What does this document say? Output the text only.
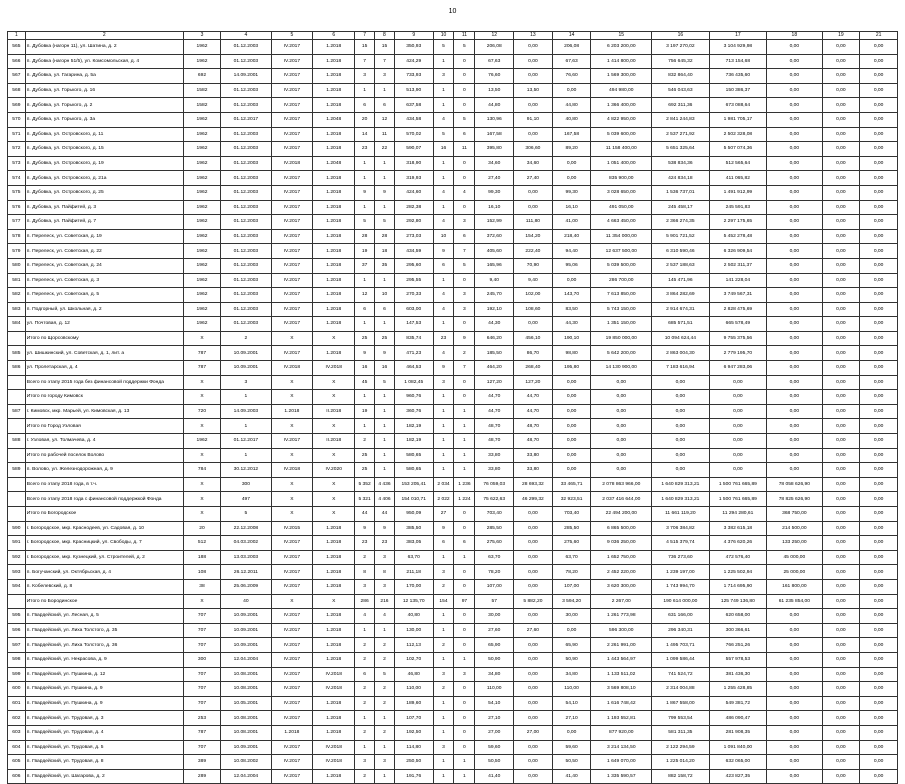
10
1	2	3	4	5	6	7	8	9	10	11	12	13	14	15	16	17	18	19	21
565	п. Дубовка (нагорн 11), ул. Шатина, д. 2	1962	01.12.2003	IV.2017	1.2018	15	15	350,93	5	5	206,08	0,00	206,08	6 203 200,00	3 197 270,02	3 104 929,98	0,00	0,00	0,00
566	п. Дубовка (нагорн 51/5), ул. Комсомольская, д. 4	1962	01.12.2003	IV.2017	1.2018	7	7	424,29	1	0	67,63	0,00	67,63	1 414 800,00	756 645,32	713 154,68	0,00	0,00	0,00
567	п. Дубовка, ул. Гагарина, д. 5а	692	14.09.2001	IV.2017	1.2018	3	3	733,93	3	0	76,60	0,00	76,60	1 569 300,00	832 864,40	736 435,60	0,00	0,00	0,00
568	п. Дубовка, ул. Горького, д. 16	1582	01.12.2003	IV.2017	1.2018	1	1	513,90	1	0	13,50	13,50	0,00	494 980,00	546 043,63	150 386,37	0,00	0,00	0,00
569	п. Дубовка, ул. Горького, д. 2	1582	01.12.2003	IV.2017	1.2018	6	6	637,58	1	0	44,80	0,00	44,80	1 366 400,00	692 311,36	673 088,64	0,00	0,00	0,00
570	п. Дубовка, ул. Горького, д. 3а	1962	01.12.2017	IV.2017	1.2048	20	12	434,58	4	5	130,96	91,10	40,80	4 822 950,00	2 841 244,83	1 981 705,17	0,00	0,00	0,00
571	п. Дубовка, ул. Островского, д. 11	1962	01.12.2003	IV.2017	1.2018	14	11	570,02	5	6	167,58	0,00	167,58	5 039 600,00	2 537 271,92	2 502 328,08	0,00	0,00	0,00
572	п. Дубовка, ул. Островского, д. 15	1962	01.12.2003	IV.2017	1.2018	23	22	590,07	16	11	395,80	306,60	89,20	11 158 400,00	5 651 325,64	5 507 074,36	0,00	0,00	0,00
573	п. Дубовка, ул. Островского, д. 19	1962	01.12.2003	IV.2018	1.2048	1	1	318,90	1	0	34,60	34,60	0,00	1 051 400,00	538 834,36	512 565,64	0,00	0,00	0,00
574	п. Дубовка, ул. Островского, д. 21а	1962	01.12.2003	IV.2017	1.2018	1	1	319,93	1	0	27,40	27,40	0,00	835 900,00	424 834,18	411 065,82	0,00	0,00	0,00
575	п. Дубовка, ул. Островского, д. 25	1962	01.12.2003	IV.2017	1.2018	9	9	424,60	4	4	99,30	0,00	99,30	3 028 650,00	1 536 737,01	1 491 912,99	0,00	0,00	0,00
576	п. Дубовка, ул. Пайфитей, д. 3	1962	01.12.2003	IV.2017	1.2018	1	1	282,38	1	0	16,10	0,00	16,10	491 050,00	245 458,17	245 591,83	0,00	0,00	0,00
577	п. Дубовка, ул. Пайфитей, д. 7	1962	01.12.2003	IV.2017	1.2018	5	5	292,80	4	3	152,99	111,80	41,00	4 663 450,00	2 366 274,35	2 297 175,65	0,00	0,00	0,00
578	п. Перелеск, ул. Советская, д. 19	1962	01.12.2003	IV.2017	1.2018	28	28	273,03	10	6	372,60	154,20	218,40	11 354 000,00	5 901 721,52	5 452 278,48	0,00	0,00	0,00
579	п. Перелеск, ул. Советская, д. 22	1962	01.12.2003	IV.2017	1.2018	19	18	434,59	9	7	405,60	222,40	94,40	12 637 500,00	6 310 590,46	6 326 909,54	0,00	0,00	0,00
580	п. Перелеск, ул. Советская, д. 24	1962	01.12.2003	IV.2017	1.2018	37	35	295,60	6	5	165,96	70,90	95,06	5 039 500,00	2 537 188,63	2 502 311,37	0,00	0,00	0,00
581	п. Перелеск, ул. Советская, д. 3	1962	01.12.2003	IV.2017	1.2018	1	1	295,55	1	0	9,40	9,40	0,00	286 700,00	145 471,96	141 228,04	0,00	0,00	0,00
582	п. Перелеск, ул. Советская, д. 5	1962	01.12.2003	IV.2017	1.2018	12	10	270,33	4	3	245,70	102,00	143,70	7 613 850,00	3 864 282,69	3 749 567,31	0,00	0,00	0,00
583	п. Подгорный, ул. Школьная, д. 2	1962	01.12.2003	IV.2017	1.2018	6	6	603,00	4	3	192,10	108,60	83,50	5 743 150,00	2 914 674,31	2 828 475,69	0,00	0,00	0,00
584	ул. Почтовая, д. 12	1962	01.12.2003	IV.2017	1.2018	1	1	147,53	1	0	44,30	0,00	44,30	1 351 150,00	685 571,51	665 578,49	0,00	0,00	0,00
	Итого по Щорсовскому	X	2	X	X	25	25	835,74	23	9	646,20	456,10	190,10	19 850 000,00	10 094 624,44	9 755 375,56	0,00	0,00	0,00
585	ул. Шишкинский, ул. Советская, д. 1, лит. а	787	10.09.2001	IV.2017	1.2018	9	9	471,23	4	2	185,50	86,70	98,80	5 642 200,00	2 863 004,30	2 779 195,70	0,00	0,00	0,00
586	ул. Пролетарская, д. 4	787	10.09.2001	IV.2018	IV.2018	16	16	464,53	9	7	464,20	268,40	195,80	14 130 900,00	7 183 616,94	6 947 283,06	0,00	0,00	0,00
	Всего по этапу 2015 года без финансовой поддержки Фонда	X	3	X	X	45	5	1 082,45	3	0	127,20	127,20	0,00	0,00	0,00	0,00	0,00	0,00	0,00
	Итого по городу Кимовск	X	1	X	X	1	1	960,76	1	0	44,70	44,70	0,00	0,00	0,00	0,00	0,00	0,00	0,00
587	г. Кимовск, мкр. Марьей, ул. Кимовская, д. 13	720	14.09.2003	1.2018	II.2018	19	1	360,76	1	1	44,70	44,70	0,00	0,00	0,00	0,00	0,00	0,00	0,00
	Итого по Город Узловая	X	1	X	X	1	1	182,19	1	1	48,70	48,70	0,00	0,00	0,00	0,00	0,00	0,00	0,00
588	г. Узловая, ул. Толмачева, д. 4	1962	01.12.2017	IV.2017	II.2018	2	1	182,19	1	1	48,70	48,70	0,00	0,00	0,00	0,00	0,00	0,00	0,00
	Итого по рабочей поселок Волово	X	1	X	X	25	1	580,65	1	1	33,80	33,80	0,00	0,00	0,00	0,00	0,00	0,00	0,00
589	п. Волово, ул. Железнодорожная, д. 9	784	30.12.2012	IV.2018	IV.2020	25	1	580,65	1	1	33,80	33,80	0,00	0,00	0,00	0,00	0,00	0,00	0,00
	Всего по этапу 2018 года, в т.ч.	X	300	X	X	5 352	4 436	153 205,41	2 034	1 236	76 059,03	28 693,32	33 465,71	2 078 863 966,00	1 640 829 313,21	1 500 761 665,89	78 058 626,90	0,00	0,00
	Всего по этапу 2018 года с финансовой поддержкой Фонда	X	497	X	X	5 321	4 406	154 010,71	2 022	1 224	75 622,63	46 299,32	32 923,51	2 037 416 644,00	1 640 829 313,21	1 500 761 665,89	78 825 626,90	0,00	0,00
	Итого по Богородское	X	5	X	X	44	44	950,09	27	0	703,40	0,00	703,40	22 494 200,00	11 661 119,20	11 294 280,61	368 750,00	0,00	0,00
590	г. Богородское, мкр. Краснодеев, ул. Садовая, д. 10	20	22.12.2008	IV.2015	1.2018	9	9	385,50	9	0	285,50	0,00	285,50	6 865 500,00	3 706 384,82	3 382 615,18	214 500,00	0,00	0,00
591	г. Богородское, мкр. Красницкий, ул. Свободы, д. 7	512	04.03.2002	IV.2017	1.2018	23	23	383,05	6	6	275,60	0,00	275,60	9 036 250,00	4 515 379,74	4 376 620,26	133 250,00	0,00	0,00
592	г. Богородское, мкр. Кузнецкий, ул. Строителей, д. 2	188	13.03.2003	IV.2017	1.2018	2	3	63,70	1	1	63,70	0,00	63,70	1 652 750,00	736 273,60	472 576,40	45 000,00	0,00	0,00
593	п. Богучанский, ул. Октябрьская, д. 4	108	26.12.2011	IV.2017	1.2018	8	8	211,18	3	0	78,20	0,00	78,20	2 452 220,00	1 239 197,00	1 225 502,94	25 000,00	0,00	0,00
594	п. Кобелевский, д. 8	38	25.06.2009	IV.2017	1.2018	3	3	170,00	2	0	107,00	0,00	107,00	3 620 300,00	1 743 994,70	1 714 695,90	161 800,00	0,00	0,00
	Итого по Бородинское	X	40	X	X	286	216	12 135,70	154	97	57	5 882,20	3 594,20	2 267,00	190 614 000,00	125 749 136,80	61 235 854,00	0,00	0,00
595	п. Гвардейский, ул. Лесная, д. 5	707	10.09.2001	IV.2017	1.2018	4	4	40,80	1	0	30,00	0,00	30,00	1 261 773,98	631 166,00	620 658,00	0,00	0,00	0,00
596	п. Гвардейский, ул. Лиха Толстого, д. 35	707	10.09.2001	IV.2017	1.2018	1	1	130,00	1	0	27,60	27,60	0,00	596 300,00	296 340,31	300 366,61	0,00	0,00	0,00
597	п. Гвардейский, ул. Лиха Толстого, д. 36	707	10.09.2001	IV.2017	1.2018	2	2	112,13	2	0	65,90	0,00	65,90	2 261 991,00	1 495 703,71	766 251,26	0,00	0,00	0,00
598	п. Гвардейский, ул. Некрасова, д. 9	300	12.04.2004	IV.2017	1.2018	2	2	102,70	1	1	50,90	0,00	50,90	1 443 564,97	1 099 586,44	557 978,53	0,00	0,00	0,00
599	п. Гвардейский, ул. Пушкина, д. 12	707	10.08.2001	IV.2017	IV.2018	6	5	46,80	3	3	34,80	0,00	34,80	1 133 511,02	741 524,72	381 436,30	0,00	0,00	0,00
600	п. Гвардейский, ул. Пушкина, д. 9	707	10.08.2001	IV.2017	IV.2018	2	2	110,00	2	0	110,00	0,00	110,00	3 569 808,10	2 314 004,88	1 255 428,85	0,00	0,00	0,00
601	п. Гвардейский, ул. Пушкина, д. 9	707	10.05.2001	IV.2017	1.2018	2	2	189,60	1	0	54,10	0,00	54,10	1 616 748,42	1 867 558,00	549 381,72	0,00	0,00	0,00
602	п. Гвардейский, ул. Трудовая, д. 3	253	10.08.2001	IV.2017	1.2018	1	1	107,70	1	0	27,10	0,00	27,10	1 193 552,81	799 553,54	486 090,47	0,00	0,00	0,00
603	п. Гвардейский, ул. Трудовая, д. 4	787	10.08.2001	1.2018	1.2018	2	2	192,50	1	0	27,00	27,00	0,00	877 920,00	581 311,35	281 908,35	0,00	0,00	0,00
604	п. Гвардейский, ул. Трудовая, д. 5	707	10.09.2001	IV.2017	IV.2018	1	1	114,80	3	0	59,60	0,00	59,60	3 214 134,50	2 122 294,59	1 091 840,00	0,00	0,00	0,00
605	п. Гвардейский, ул. Трудовая, д. 8	389	10.08.2002	IV.2017	IV.2018	3	3	250,50	1	1	50,50	0,00	50,50	1 649 070,00	1 225 014,20	632 065,00	0,00	0,00	0,00
606	п. Гвардейский, ул. Шагарова, д. 2	289	12.04.2004	IV.2017	1.2018	2	1	191,76	1	1	41,40	0,00	41,40	1 335 590,57	882 158,72	423 827,35	0,00	0,00	0,00
